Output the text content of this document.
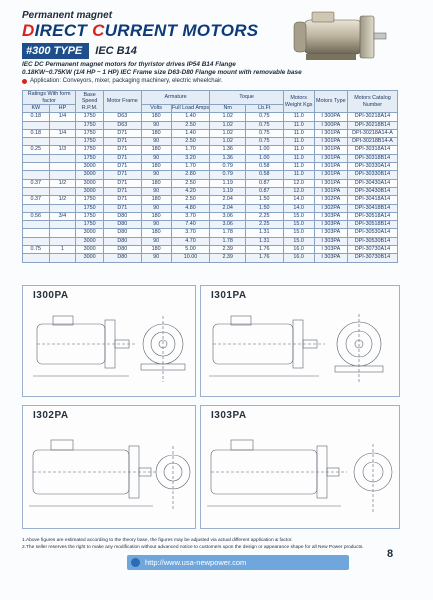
Permanent magnet
DIRECT CURRENT MOTORS
#300 TYPE	IEC B14
IEC DC Permanent magnet motors for thyristor drives IP54 B14 Flange
0.18KW~0.75KW (1/4 HP ~ 1 HP) IEC Frame size D63-D80 Flange mount with removable base
Application: Conveyors, mixer, packaging machinery, electric wheelchair.
Ratings With form factor		Base Speed R.P.M.	Motor Frame	Armature		Toque		Motors Weight Kgs	Motors Type	Motors Catalog Number
KW	HP			Volts	Full Load Amps	Nm	Lb.Ft			
0.18	1/4	1750	D63	180	1.40	1.02	0.75	11.0	I 300PA	DPI-30218A14
		1750	D63	90	2.50	1.02	0.75	11.0	I 300PA	DPI-30218B14
0.18	1/4	1750	D71	180	1.40	1.02	0.75	11.0	I 301PA	DPI-30218A14-A
		1750	D71	90	2.50	1.02	0.75	11.0	I 301PA	DPI-30218B14-A
0.25	1/3	1750	D71	180	1.70	1.36	1.00	11.0	I 301PA	DPI-30318A14
		1750	D71	90	3.20	1.36	1.00	11.0	I 301PA	DPI-30318B14
		3000	D71	180	1.70	0.79	0.58	11.0	I 301PA	DPI-30330A14
		3000	D71	90	2.80	0.79	0.58	11.0	I 301PA	DPI-30330B14
0.37	1/2	3000	D71	180	2.50	1.19	0.87	12.0	I 301PA	DPI-30430A14
		3000	D71	90	4.20	1.19	0.87	12.0	I 301PA	DPI-30430B14
0.37	1/2	1750	D71	180	2.50	2.04	1.50	14.0	I 302PA	DPI-30418A14
		1750	D71	90	4.80	2.04	1.50	14.0	I 302PA	DPI-30418B14
0.56	3/4	1750	D80	180	3.70	3.06	2.25	15.0	I 303PA	DPI-30518A14
		1750	D80	90	7.40	3.06	2.25	15.0	I 303PA	DPI-30518B14
		3000	D80	180	3.70	1.78	1.31	15.0	I 303PA	DPI-30530A14
		3000	D80	90	4.70	1.78	1.31	15.0	I 303PA	DPI-30530B14
0.75	1	3000	D80	180	5.00	2.39	1.76	16.0	I 303PA	DPI-30730A14
		3000	D80	90	10.00	2.39	1.76	16.0	I 303PA	DPI-30730B14
I300PA	I301PA
I302PA	I303PA
1.Above figures are estimated according to the theory base, the figures may be adjusted via actual different application & factor.
2.The seller reserves the right to make any modification without advanced notice to customers upon the design or appearance shape for all New Power products.
http://www.usa-newpower.com
8
